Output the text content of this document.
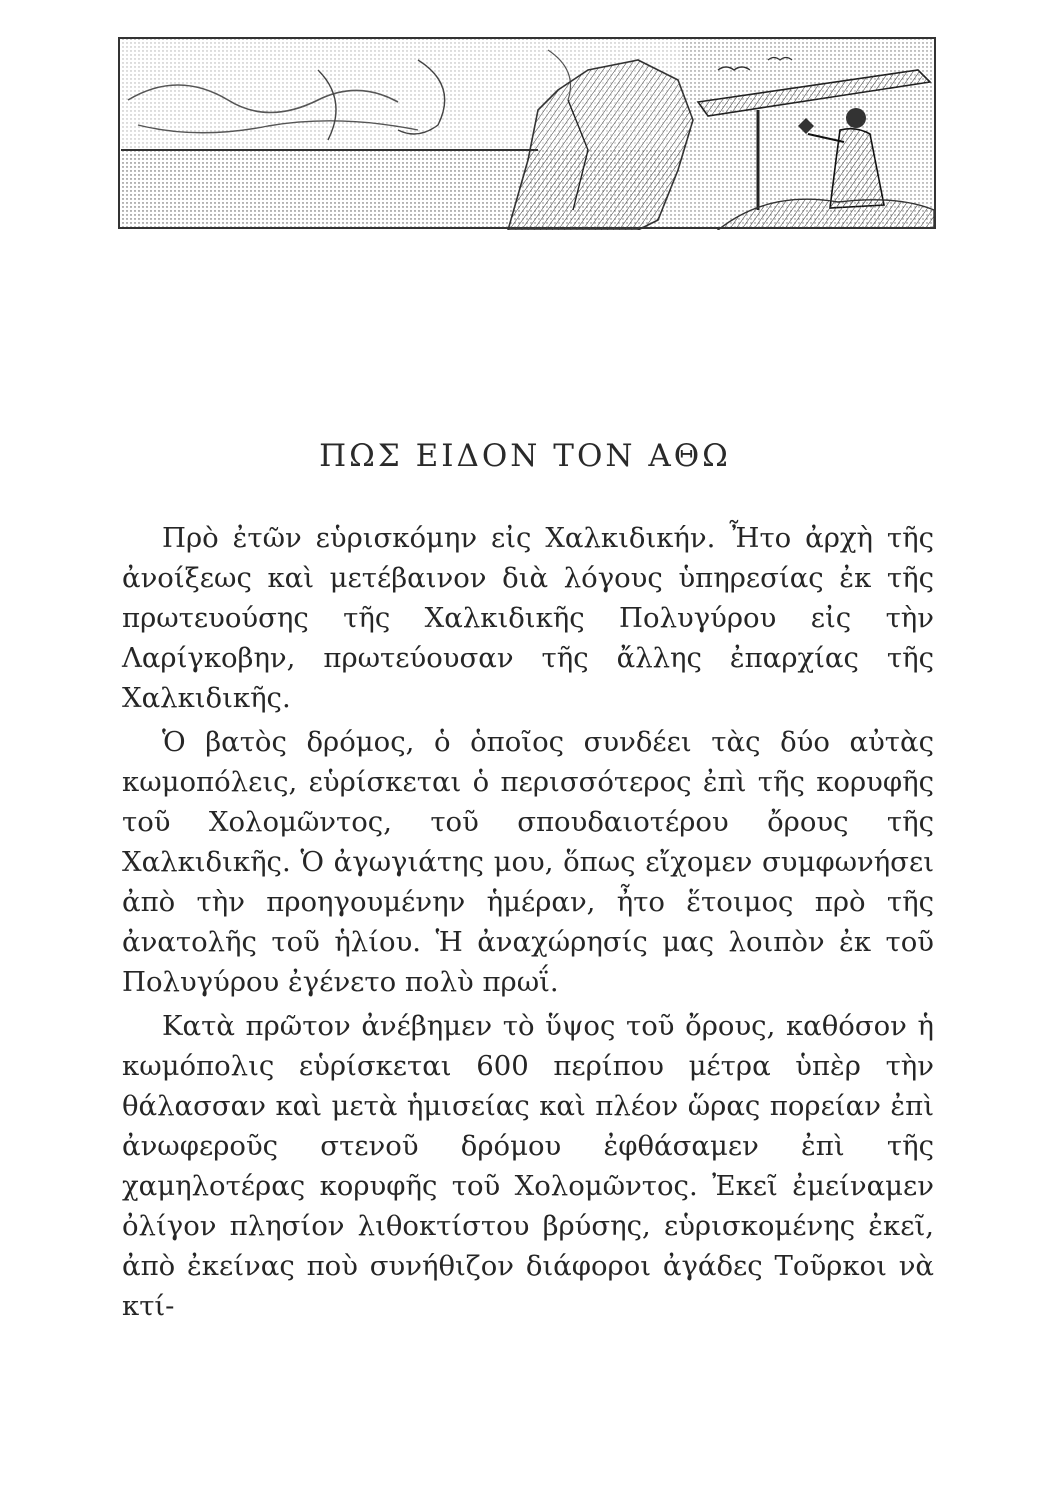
ΠΩΣ ΕΙΔΟΝ ΤΟΝ ΑΘΩ

Πρὸ ἐτῶν εὑρισκόμην εἰς Χαλκιδικήν. Ἦτο ἀρχὴ τῆς ἀνοίξεως καὶ μετέβαινον διὰ λόγους ὑπηρεσίας ἐκ τῆς πρωτευούσης τῆς Χαλκιδικῆς Πολυγύρου εἰς τὴν Λαρίγκοβην, πρωτεύουσαν τῆς ἄλλης ἐπαρχίας τῆς Χαλκιδικῆς.

Ὁ βατὸς δρόμος, ὁ ὁποῖος συνδέει τὰς δύο αὐτὰς κωμοπόλεις, εὑρίσκεται ὁ περισσότερος ἐπὶ τῆς κορυφῆς τοῦ Χολομῶντος, τοῦ σπουδαιοτέρου ὄρους τῆς Χαλκιδικῆς. Ὁ ἀγωγιάτης μου, ὅπως εἴχομεν συμφωνήσει ἀπὸ τὴν προηγουμένην ἡμέραν, ἦτο ἕτοιμος πρὸ τῆς ἀνατολῆς τοῦ ἡλίου. Ἡ ἀναχώρησίς μας λοιπὸν ἐκ τοῦ Πολυγύρου ἐγένετο πολὺ πρωΐ.

Κατὰ πρῶτον ἀνέβημεν τὸ ὕψος τοῦ ὄρους, καθόσον ἡ κωμόπολις εὑρίσκεται 600 περίπου μέτρα ὑπὲρ τὴν θάλασσαν καὶ μετὰ ἡμισείας καὶ πλέον ὥρας πορείαν ἐπὶ ἀνωφεροῦς στενοῦ δρόμου ἐφθάσαμεν ἐπὶ τῆς χαμηλοτέρας κορυφῆς τοῦ Χολομῶντος. Ἐκεῖ ἐμείναμεν ὀλίγον πλησίον λιθοκτίστου βρύσης, εὑρισκομένης ἐκεῖ, ἀπὸ ἐκείνας ποὺ συνήθιζον διάφοροι ἀγάδες Τοῦρκοι νὰ κτί-
